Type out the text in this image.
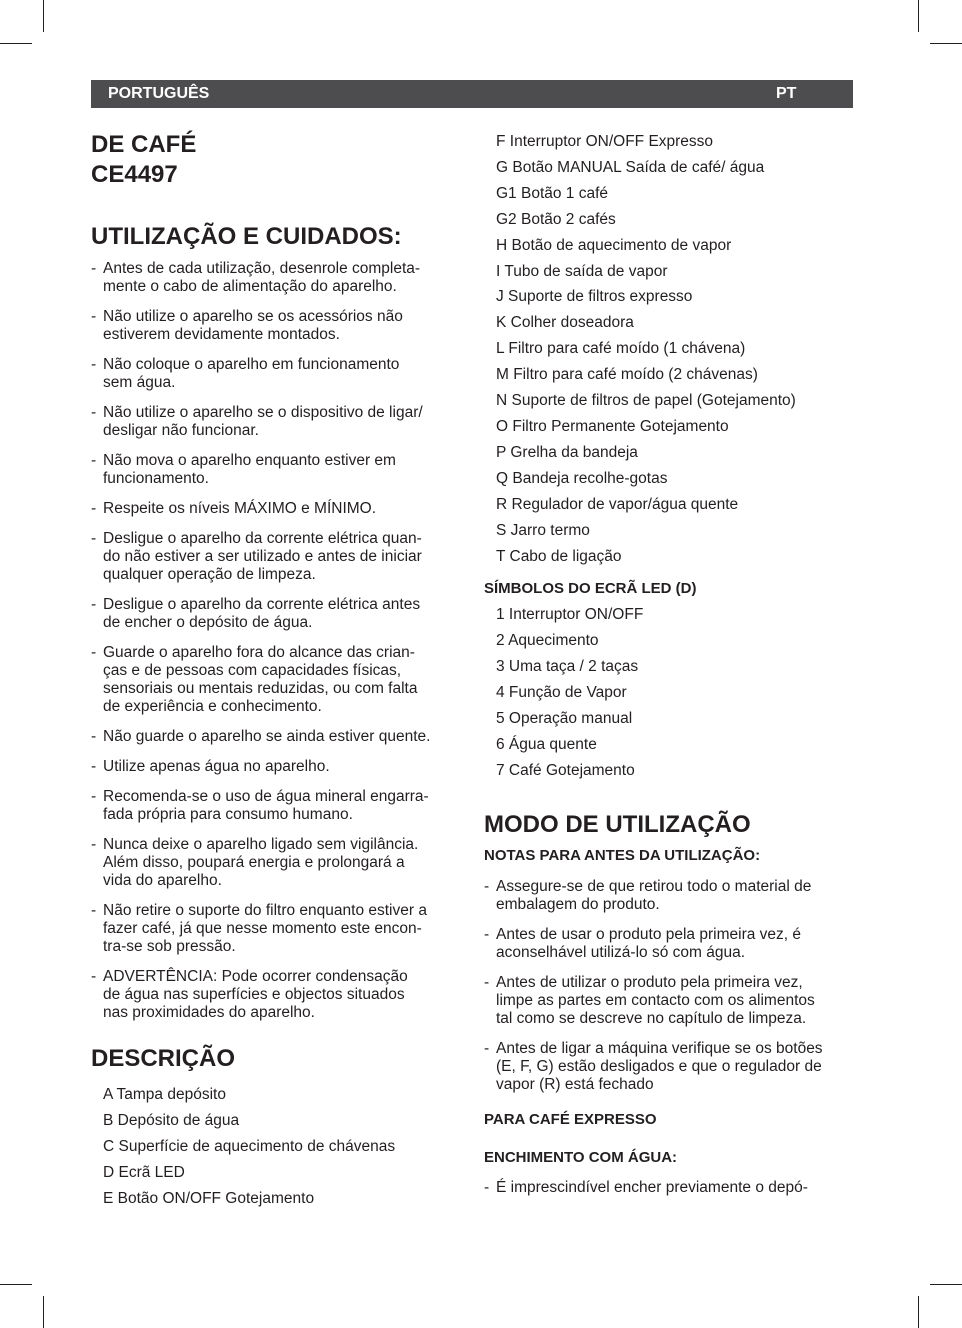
PORTUGUÊS	PT
DE CAFÉ
CE4497
UTILIZAÇÃO E CUIDADOS:
- Antes de cada utilização, desenrole completa-
mente o cabo de alimentação do aparelho.
- Não utilize o aparelho se os acessórios não
estiverem devidamente montados.
- Não coloque o aparelho em funcionamento
sem água.
- Não utilize o aparelho se o dispositivo de ligar/
desligar não funcionar.
- Não mova o aparelho enquanto estiver em
funcionamento.
- Respeite os níveis MÁXIMO e MÍNIMO.
- Desligue o aparelho da corrente elétrica quan-
do não estiver a ser utilizado e antes de iniciar
qualquer operação de limpeza.
- Desligue o aparelho da corrente elétrica antes
de encher o depósito de água.
- Guarde o aparelho fora do alcance das crian-
ças e de pessoas com capacidades físicas,
sensoriais ou mentais reduzidas, ou com falta
de experiência e conhecimento.
- Não guarde o aparelho se ainda estiver quente.
- Utilize apenas água no aparelho.
- Recomenda-se o uso de água mineral engarra-
fada própria para consumo humano.
- Nunca deixe o aparelho ligado sem vigilância.
Além disso, poupará energia e prolongará a
vida do aparelho.
- Não retire o suporte do filtro enquanto estiver a
fazer café, já que nesse momento este encon-
tra-se sob pressão.
- ADVERTÊNCIA: Pode ocorrer condensação
de água nas superfícies e objectos situados
nas proximidades do aparelho.
DESCRIÇÃO
A Tampa depósito
B Depósito de água
C Superfície de aquecimento de chávenas
D Ecrã LED
E Botão ON/OFF Gotejamento
F Interruptor ON/OFF Expresso
G Botão MANUAL Saída de café/ água
G1 Botão 1 café
G2 Botão 2 cafés
H Botão de aquecimento de vapor
I Tubo de saída de vapor
J Suporte de filtros expresso
K Colher doseadora
L Filtro para café moído (1 chávena)
M Filtro para café moído (2 chávenas)
N Suporte de filtros de papel (Gotejamento)
O Filtro Permanente Gotejamento
P Grelha da bandeja
Q Bandeja recolhe-gotas
R Regulador de vapor/água quente
S Jarro termo
T Cabo de ligação
SÍMBOLOS DO ECRÃ LED (D)
1 Interruptor ON/OFF
2 Aquecimento
3 Uma taça / 2 taças
4 Função de Vapor
5 Operação manual
6 Água quente
7 Café Gotejamento
MODO DE UTILIZAÇÃO
NOTAS PARA ANTES DA UTILIZAÇÃO:
- Assegure-se de que retirou todo o material de
embalagem do produto.
- Antes de usar o produto pela primeira vez, é
aconselhável utilizá-lo só com água.
- Antes de utilizar o produto pela primeira vez,
limpe as partes em contacto com os alimentos
tal como se descreve no capítulo de limpeza.
- Antes de ligar a máquina verifique se os botões
(E, F, G) estão desligados e que o regulador de
vapor (R) está fechado
PARA CAFÉ EXPRESSO
ENCHIMENTO COM ÁGUA:
- É imprescindível encher previamente o depó-
